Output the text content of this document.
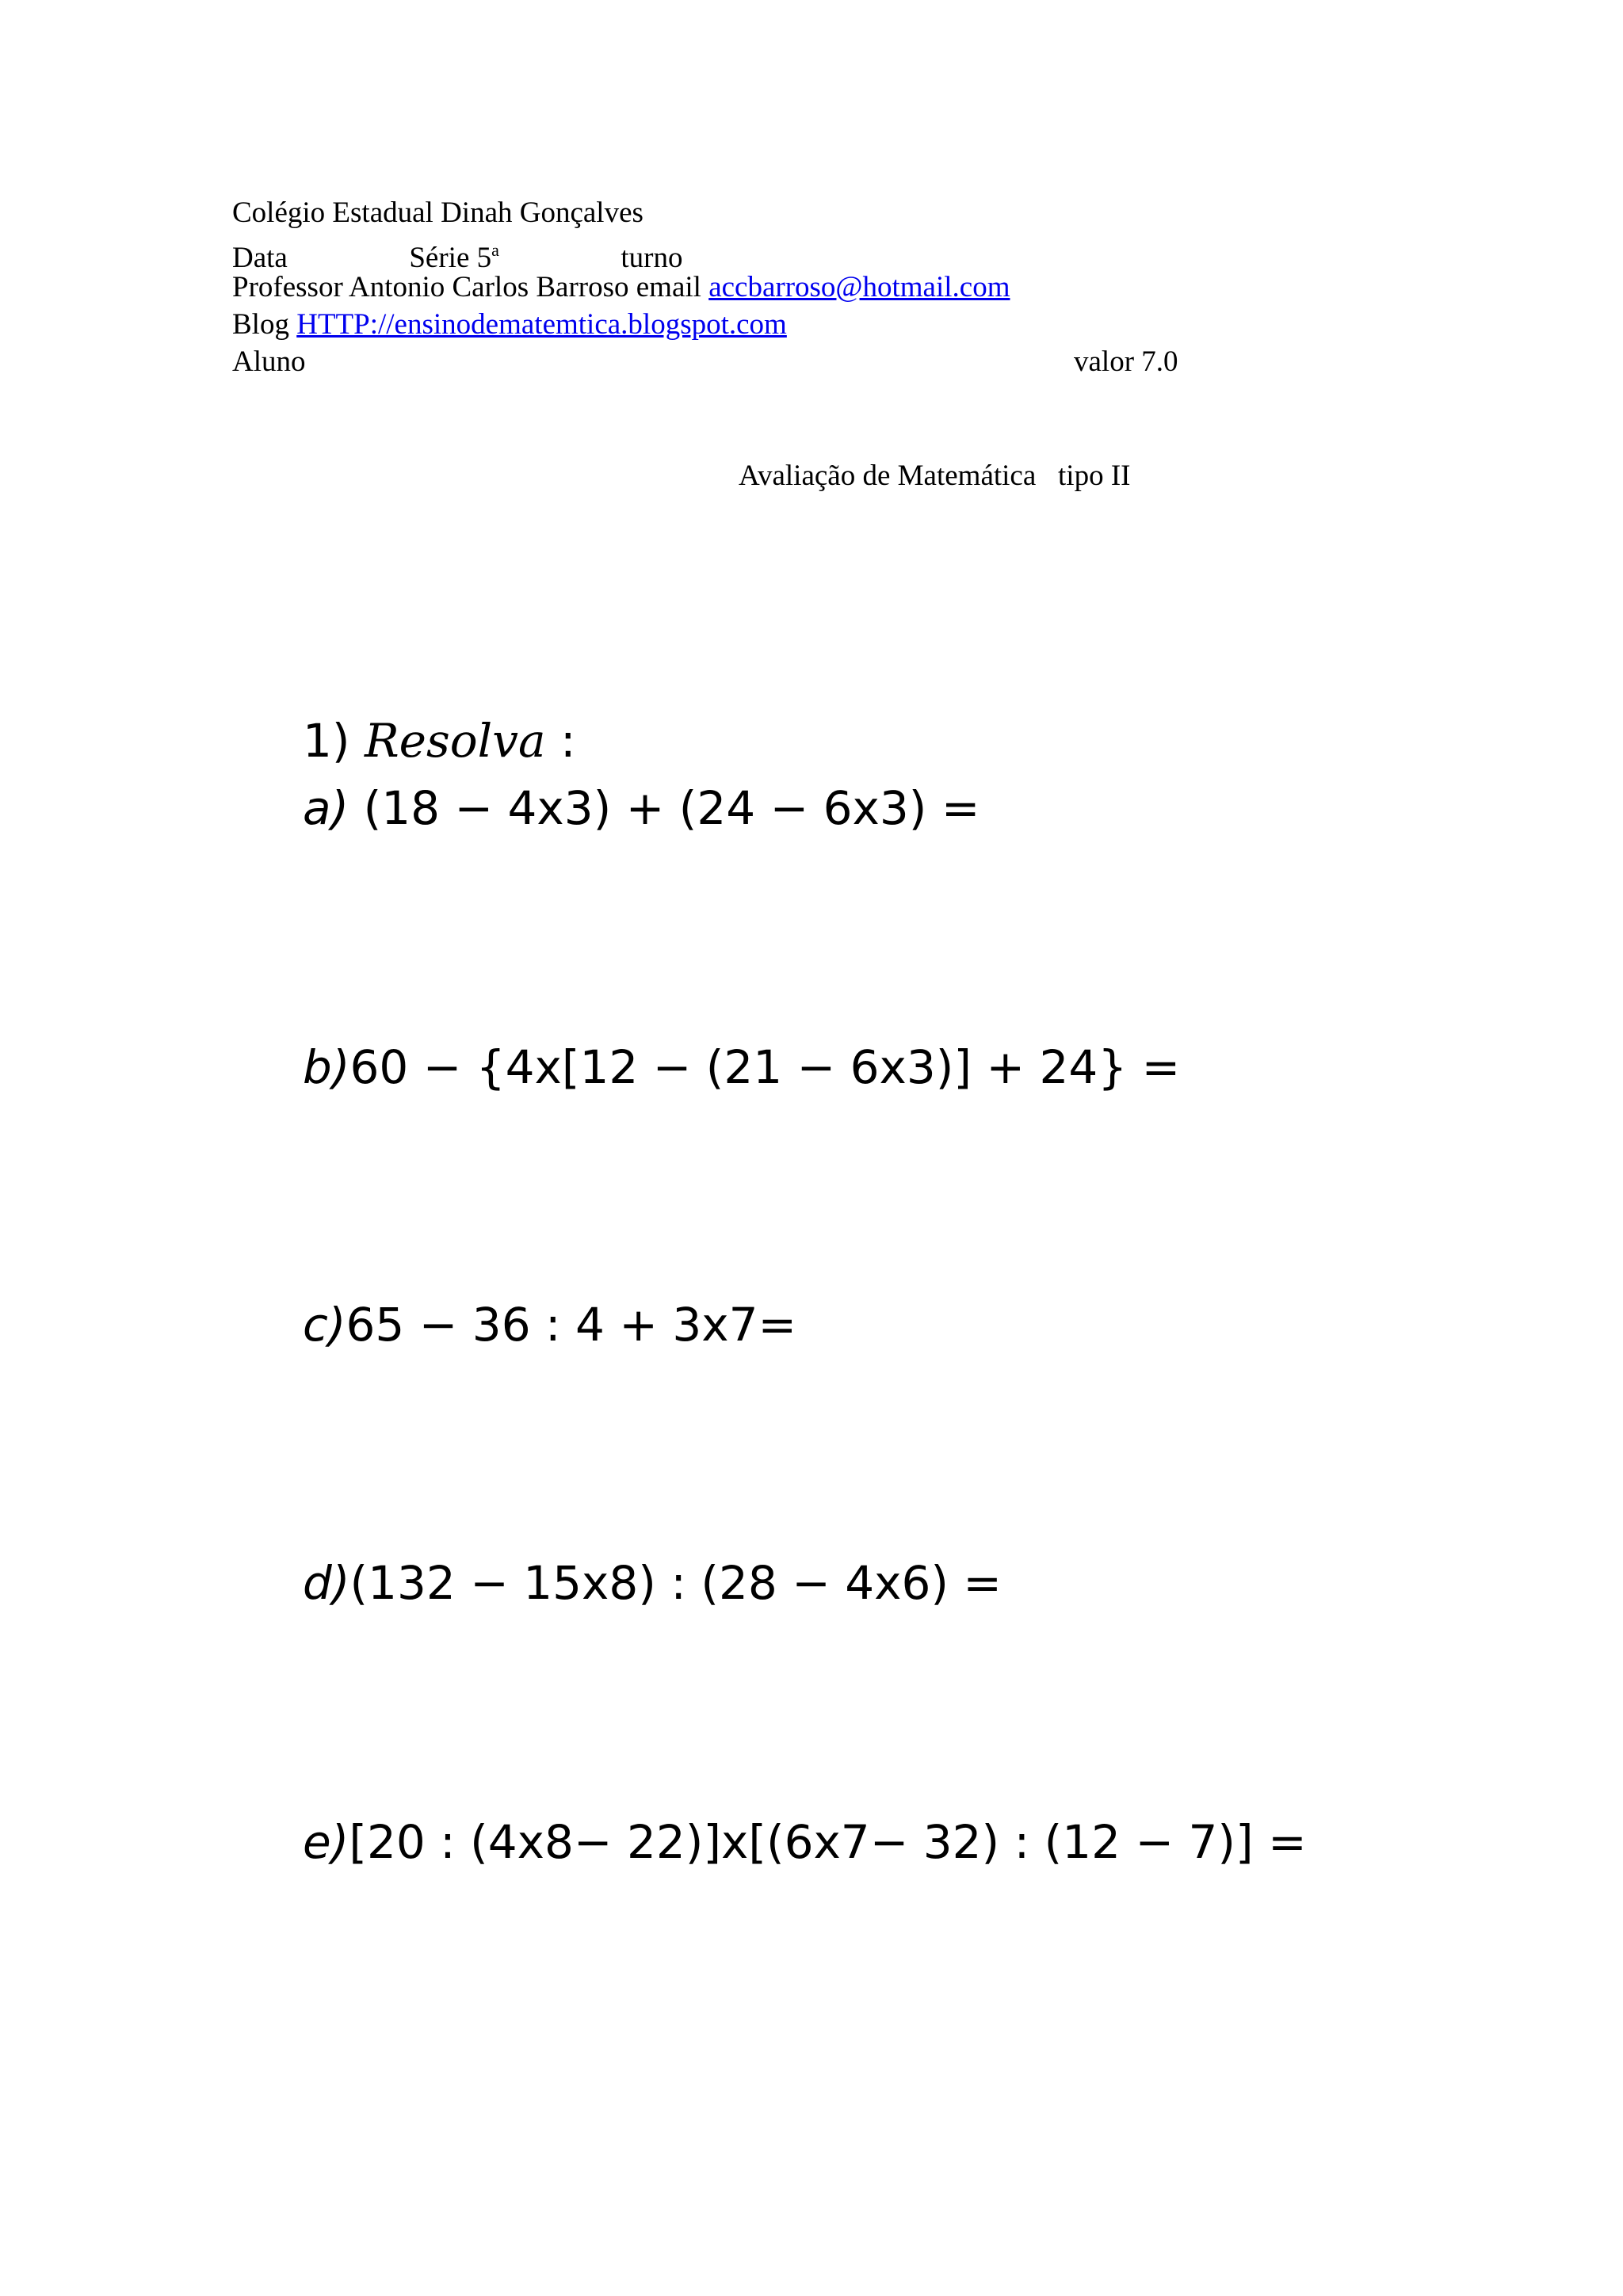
Colégio Estadual Dinah Gonçalves
Data	Série 5$^a$	turno
Professor Antonio Carlos Barroso email accbarroso@hotmail.com
Blog HTTP://ensinodematemtica.blogspot.com
Aluno	valor 7.0
Avaliação de Matemática   tipo II
1) Resolva :
a) (18 − 4x3) + (24 − 6x3) =
b)60 − {4x[12 − (21 − 6x3)] + 24} =
c)65 − 36 : 4 + 3x7=
d)(132 − 15x8) : (28 − 4x6) =
e)[20 : (4x8− 22)]x[(6x7− 32) : (12 − 7)] =
